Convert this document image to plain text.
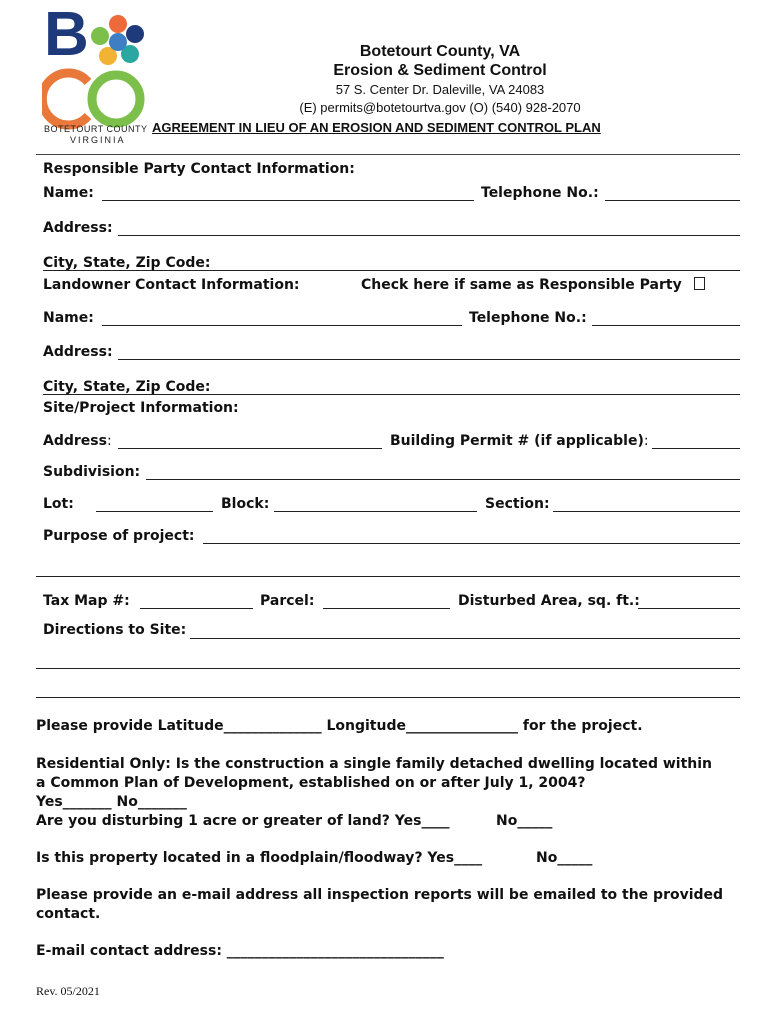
B
BOTETOURT COUNTY
VIRGINIA
Botetourt County, VA
Erosion & Sediment Control
57 S. Center Dr. Daleville, VA 24083
(E) permits@botetourtva.gov (O) (540) 928-2070
AGREEMENT IN LIEU OF AN EROSION AND SEDIMENT CONTROL PLAN
Responsible Party Contact Information:
Name:	Telephone No.:
Address:
City, State, Zip Code:
Landowner Contact Information:	Check here if same as Responsible Party
Name:	Telephone No.:
Address:
City, State, Zip Code:
Site/Project Information:
Address:	Building Permit # (if applicable):
Subdivision:
Lot:	Block:	Section:
Purpose of project:
Tax Map #:	Parcel:	Disturbed Area, sq. ft.:
Directions to Site:
Please provide Latitude______________ Longitude________________ for the project.
Residential Only: Is the construction a single family detached dwelling located within
a Common Plan of Development, established on or after July 1, 2004?
Yes_______ No_______
Are you disturbing 1 acre or greater of land? Yes____	No_____
Is this property located in a floodplain/floodway? Yes____	No_____
Please provide an e-mail address all inspection reports will be emailed to the provided
contact.
E-mail contact address: _______________________________
Rev. 05/2021
